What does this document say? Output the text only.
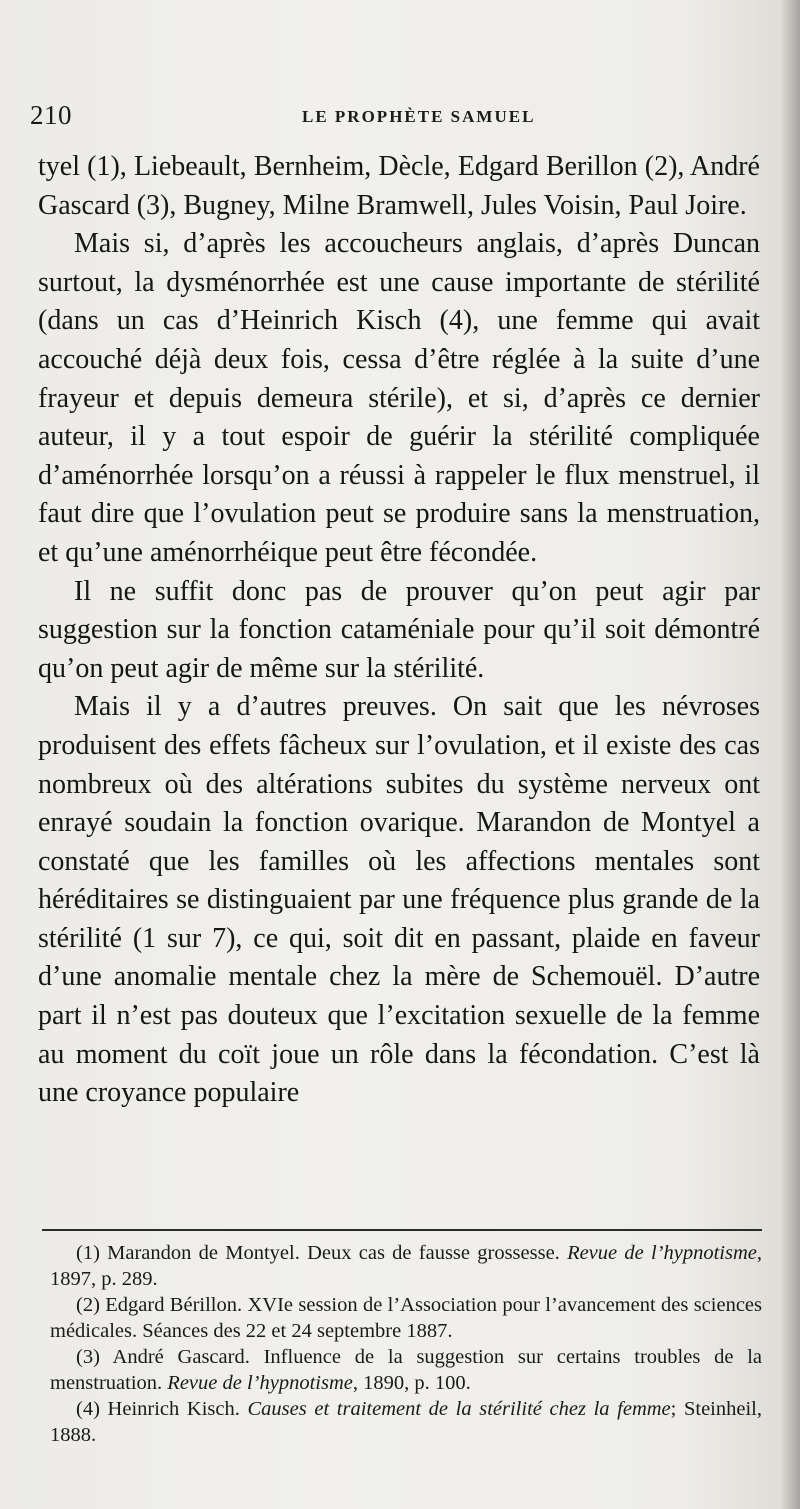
210	LE PROPHÈTE SAMUEL

tyel (1), Liebeault, Bernheim, Dècle, Edgard Berillon (2), André Gascard (3), Bugney, Milne Bramwell, Jules Voisin, Paul Joire.

Mais si, d’après les accoucheurs anglais, d’après Duncan surtout, la dysménorrhée est une cause importante de stérilité (dans un cas d’Heinrich Kisch (4), une femme qui avait accouché déjà deux fois, cessa d’être réglée à la suite d’une frayeur et depuis demeura stérile), et si, d’après ce dernier auteur, il y a tout espoir de guérir la stérilité compliquée d’aménorrhée lorsqu’on a réussi à rappeler le flux menstruel, il faut dire que l’ovulation peut se produire sans la menstruation, et qu’une aménorrhéique peut être fécondée.

Il ne suffit donc pas de prouver qu’on peut agir par suggestion sur la fonction cataméniale pour qu’il soit démontré qu’on peut agir de même sur la stérilité.

Mais il y a d’autres preuves. On sait que les névroses produisent des effets fâcheux sur l’ovulation, et il existe des cas nombreux où des altérations subites du système nerveux ont enrayé soudain la fonction ovarique. Marandon de Montyel a constaté que les familles où les affections mentales sont héréditaires se distinguaient par une fréquence plus grande de la stérilité (1 sur 7), ce qui, soit dit en passant, plaide en faveur d’une anomalie mentale chez la mère de Schemouël. D’autre part il n’est pas douteux que l’excitation sexuelle de la femme au moment du coït joue un rôle dans la fécondation. C’est là une croyance populaire

(1) Marandon de Montyel. Deux cas de fausse grossesse. Revue de l’hypnotisme, 1897, p. 289.

(2) Edgard Bérillon. XVIe session de l’Association pour l’avancement des sciences médicales. Séances des 22 et 24 septembre 1887.

(3) André Gascard. Influence de la suggestion sur certains troubles de la menstruation. Revue de l’hypnotisme, 1890, p. 100.

(4) Heinrich Kisch. Causes et traitement de la stérilité chez la femme; Steinheil, 1888.
